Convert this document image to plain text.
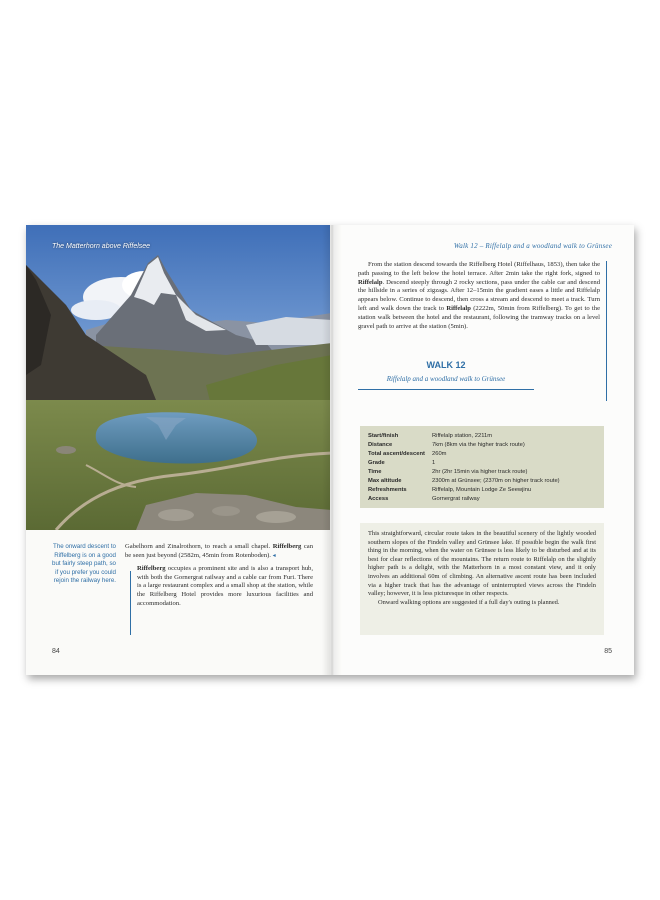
The Matterhorn above Riffelsee
The onward descent to Riffelberg is on a good but fairly steep path, so if you prefer you could rejoin the railway here.

Gabelhorn and Zinalrothorn, to reach a small chapel. Riffelberg can be seen just beyond (2582m, 45min from Rotenboden). ◂

Riffelberg occupies a prominent site and is also a transport hub, with both the Gornergrat railway and a cable car from Furi. There is a large restaurant complex and a small shop at the station, while the Riffelberg Hotel provides more luxurious facilities and accommodation.

84
Walk 12 – Riffelalp and a woodland walk to Grünsee

From the station descend towards the Riffelberg Hotel (Riffelhaus, 1853), then take the path passing to the left below the hotel terrace. After 2min take the right fork, signed to Riffelalp. Descend steeply through 2 rocky sections, pass under the cable car and descend the hillside in a series of zigzags. After 12–15min the gradient eases a little and Riffelalp appears below. Continue to descend, then cross a stream and descend to meet a track. Turn left and walk down the track to Riffelalp (2222m, 50min from Riffelberg). To get to the station walk between the hotel and the restaurant, following the tramway tracks on a level gravel path to arrive at the station (5min).

WALK 12
Riffelalp and a woodland walk to Grünsee
Start/finish	Riffelalp station, 2211m
Distance	7km (8km via the higher track route)
Total ascent/descent	260m
Grade	1
Time	2hr (2hr 15min via higher track route)
Max altitude	2300m at Grünsee; (2370m on higher track route)
Refreshments	Riffelalp, Mountain Lodge Ze Seewjinu
Access	Gornergrat railway

This straightforward, circular route takes in the beautiful scenery of the lightly wooded southern slopes of the Findeln valley and Grünsee lake. If possible begin the walk first thing in the morning, when the water on Grünsee is less likely to be disturbed and at its best for clear reflections of the mountains. The return route to Riffelalp on the slightly higher path is a delight, with the Matterhorn in a most constant view, and it only involves an additional 60m of climbing. An alternative ascent route has been included via a higher track that has the advantage of uninterrupted views across the Findeln valley; however, it is less picturesque in other respects.

Onward walking options are suggested if a full day's outing is planned.

85
